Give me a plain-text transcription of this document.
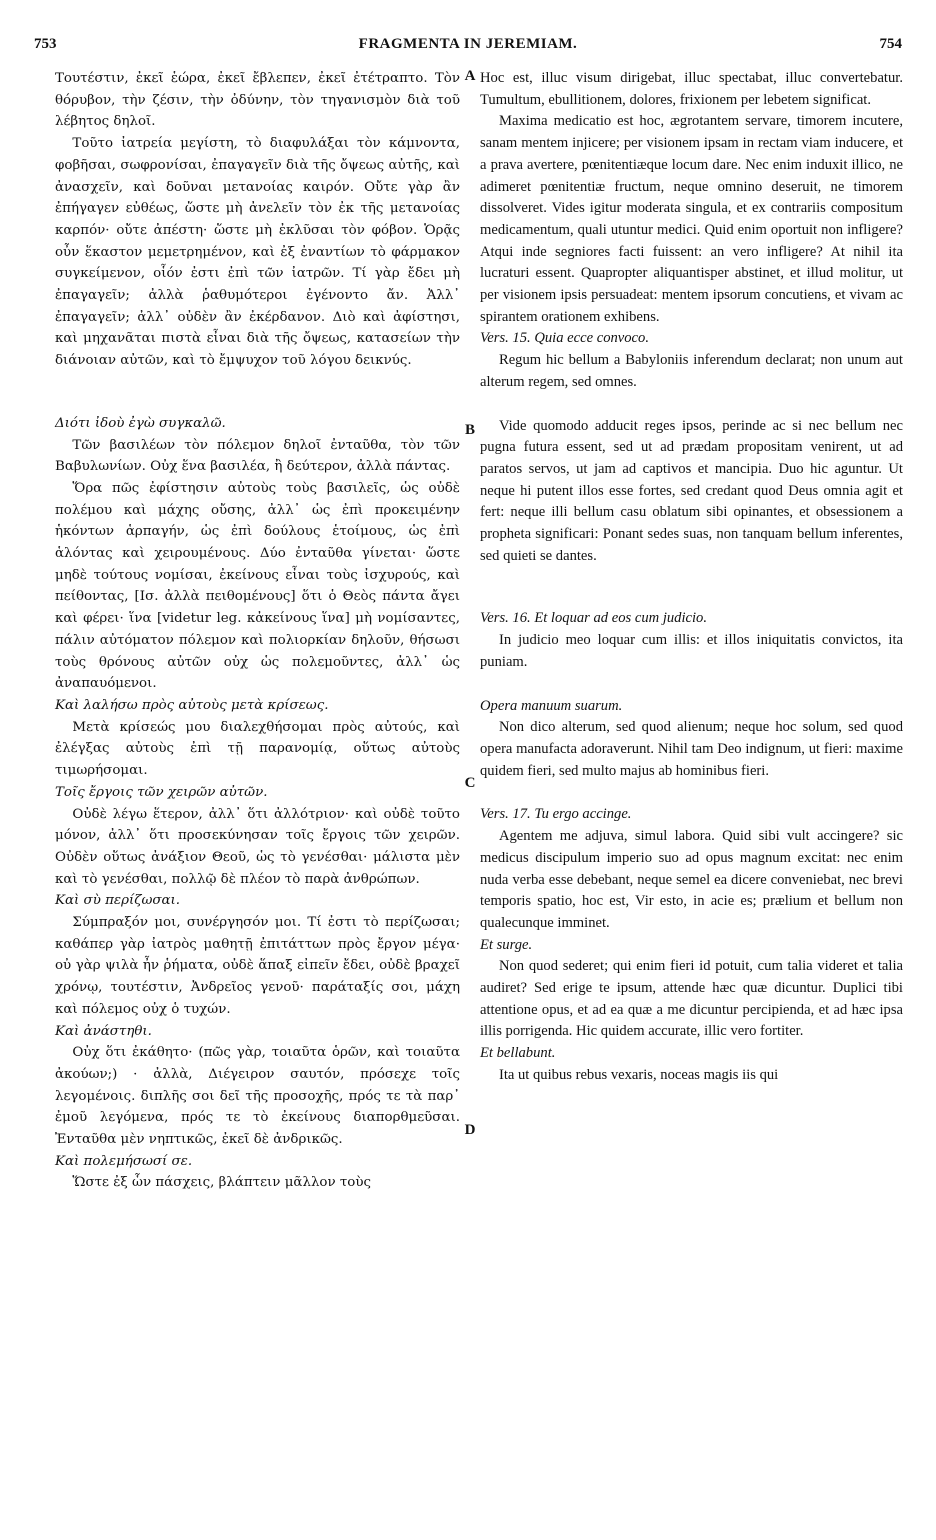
753	FRAGMENTA IN JEREMIAM.	754

Τουτέστιν, ἐκεῖ ἑώρα, ἐκεῖ ἔβλεπεν, ἐκεῖ ἐτέτραπτο. Τὸν θόρυβον, τὴν ζέσιν, τὴν ὀδύνην, τὸν τηγανισμὸν διὰ τοῦ λέβητος δηλοῖ.

Τοῦτο ἰατρεία μεγίστη, τὸ διαφυλάξαι τὸν κάμνοντα, φοβῆσαι, σωφρονίσαι, ἐπαγαγεῖν διὰ τῆς ὄψεως αὐτῆς, καὶ ἀνασχεῖν, καὶ δοῦναι μετανοίας καιρόν. Οὔτε γὰρ ἂν ἐπήγαγεν εὐθέως, ὥστε μὴ ἀνελεῖν τὸν ἐκ τῆς μετανοίας καρπόν· οὔτε ἀπέστη· ὥστε μὴ ἐκλῦσαι τὸν φόβον. Ὁρᾷς οὖν ἕκαστον μεμετρημένον, καὶ ἐξ ἐναντίων τὸ φάρμακον συγκείμενον, οἷόν ἐστι ἐπὶ τῶν ἰατρῶν. Τί γὰρ ἔδει μὴ ἐπαγαγεῖν; ἀλλὰ ῥαθυμότεροι ἐγένοντο ἄν. Ἀλλ᾽ ἐπαγαγεῖν; ἀλλ᾽ οὐδὲν ἂν ἐκέρδανον. Διὸ καὶ ἀφίστησι, καὶ μηχανᾶται πιστὰ εἶναι διὰ τῆς ὄψεως, κατασείων τὴν διάνοιαν αὐτῶν, καὶ τὸ ἔμψυχον τοῦ λόγου δεικνύς.

Διότι ἰδοὺ ἐγὼ συγκαλῶ.

Τῶν βασιλέων τὸν πόλεμον δηλοῖ ἐνταῦθα, τὸν τῶν Βαβυλωνίων. Οὐχ ἕνα βασιλέα, ἢ δεύτερον, ἀλλὰ πάντας.

Ὅρα πῶς ἐφίστησιν αὐτοὺς τοὺς βασιλεῖς, ὡς οὐδὲ πολέμου καὶ μάχης οὔσης, ἀλλ᾽ ὡς ἐπὶ προκειμένην ἡκόντων ἁρπαγήν, ὡς ἐπὶ δούλους ἑτοίμους, ὡς ἐπὶ ἁλόντας καὶ χειρουμένους. Δύο ἐνταῦθα γίνεται· ὥστε μηδὲ τούτους νομίσαι, ἐκείνους εἶναι τοὺς ἰσχυρούς, καὶ πείθοντας, [Ισ. ἀλλὰ πειθομένους] ὅτι ὁ Θεὸς πάντα ἄγει καὶ φέρει· ἵνα [videtur leg. κἀκείνους ἵνα] μὴ νομίσαντες, πάλιν αὐτόματον πόλεμον καὶ πολιορκίαν δηλοῦν, θήσωσι τοὺς θρόνους αὐτῶν οὐχ ὡς πολεμοῦντες, ἀλλ᾽ ὡς ἀναπαυόμενοι.

Καὶ λαλήσω πρὸς αὐτοὺς μετὰ κρίσεως.

Μετὰ κρίσεώς μου διαλεχθήσομαι πρὸς αὐτούς, καὶ ἐλέγξας αὐτοὺς ἐπὶ τῇ παρανομίᾳ, οὕτως αὐτοὺς τιμωρήσομαι.

Τοῖς ἔργοις τῶν χειρῶν αὐτῶν.

Οὐδὲ λέγω ἕτερον, ἀλλ᾽ ὅτι ἀλλότριον· καὶ οὐδὲ τοῦτο μόνον, ἀλλ᾽ ὅτι προσεκύνησαν τοῖς ἔργοις τῶν χειρῶν. Οὐδὲν οὕτως ἀνάξιον Θεοῦ, ὡς τὸ γενέσθαι· μάλιστα μὲν καὶ τὸ γενέσθαι, πολλῷ δὲ πλέον τὸ παρὰ ἀνθρώπων.

Καὶ σὺ περίζωσαι.

Σύμπραξόν μοι, συνέργησόν μοι. Τί ἐστι τὸ περίζωσαι; καθάπερ γὰρ ἰατρὸς μαθητῇ ἐπιτάττων πρὸς ἔργον μέγα· οὐ γὰρ ψιλὰ ἦν ῥήματα, οὐδὲ ἅπαξ εἰπεῖν ἔδει, οὐδὲ βραχεῖ χρόνῳ, τουτέστιν, Ἀνδρεῖος γενοῦ· παράταξίς σοι, μάχη καὶ πόλεμος οὐχ ὁ τυχών.

Καὶ ἀνάστηθι.

Οὐχ ὅτι ἐκάθητο· (πῶς γὰρ, τοιαῦτα ὁρῶν, καὶ τοιαῦτα ἀκούων;) · ἀλλὰ, Διέγειρον σαυτόν, πρόσεχε τοῖς λεγομένοις. διπλῆς σοι δεῖ τῆς προσοχῆς, πρός τε τὰ παρ᾽ ἐμοῦ λεγόμενα, πρός τε τὸ ἐκείνους διαπορθμεῦσαι. Ἐνταῦθα μὲν νηπτικῶς, ἐκεῖ δὲ ἀνδρικῶς.

Καὶ πολεμήσωσί σε.

Ὥστε ἐξ ὧν πάσχεις, βλάπτειν μᾶλλον τοὺς

Hoc est, illuc visum dirigebat, illuc spectabat, illuc convertebatur. Tumultum, ebullitionem, dolores, frixionem per lebetem significat.

Maxima medicatio est hoc, ægrotantem servare, timorem incutere, sanam mentem injicere; per visionem ipsam in rectam viam inducere, et a prava avertere, pœnitentiæque locum dare. Nec enim induxit illico, ne adimeret pœnitentiæ fructum, neque omnino deseruit, ne timorem dissolveret. Vides igitur moderata singula, et ex contrariis compositum medicamentum, quali utuntur medici. Quid enim oportuit non infligere? Atqui inde segniores facti fuissent: an vero infligere? At nihil ita lucraturi essent. Quapropter aliquantisper abstinet, et illud molitur, ut per visionem ipsis persuadeat: mentem ipsorum concutiens, et vivam ac spirantem orationem exhibens.

Vers. 15. Quia ecce convoco.

Regum hic bellum a Babyloniis inferendum declarat; non unum aut alterum regem, sed omnes.

Vide quomodo adducit reges ipsos, perinde ac si nec bellum nec pugna futura essent, sed ut ad prædam propositam venirent, ut ad paratos servos, ut jam ad captivos et mancipia. Duo hic aguntur. Ut neque hi putent illos esse fortes, sed credant quod Deus omnia agit et fert: neque illi bellum casu oblatum sibi opinantes, et obsessionem a propheta significari: Ponant sedes suas, non tanquam bellum inferentes, sed quieti se dantes.

Vers. 16. Et loquar ad eos cum judicio.

In judicio meo loquar cum illis: et illos iniquitatis convictos, ita puniam.

Opera manuum suarum.

Non dico alterum, sed quod alienum; neque hoc solum, sed quod opera manufacta adoraverunt. Nihil tam Deo indignum, ut fieri: maxime quidem fieri, sed multo majus ab hominibus fieri.

Vers. 17. Tu ergo accinge.

Agentem me adjuva, simul labora. Quid sibi vult accingere? sic medicus discipulum imperio suo ad opus magnum excitat: nec enim nuda verba esse debebant, neque semel ea dicere conveniebat, nec brevi temporis spatio, hoc est, Vir esto, in acie es; prælium et bellum non qualecunque imminet.

Et surge.

Non quod sederet; qui enim fieri id potuit, cum talia videret et talia audiret? Sed erige te ipsum, attende hæc quæ dicuntur. Duplici tibi attentione opus, et ad ea quæ a me dicuntur percipienda, et ad hæc ipsa illis porrigenda. Hic quidem accurate, illic vero fortiter.

Et bellabunt.

Ita ut quibus rebus vexaris, noceas magis iis qui

A
B
C
D
